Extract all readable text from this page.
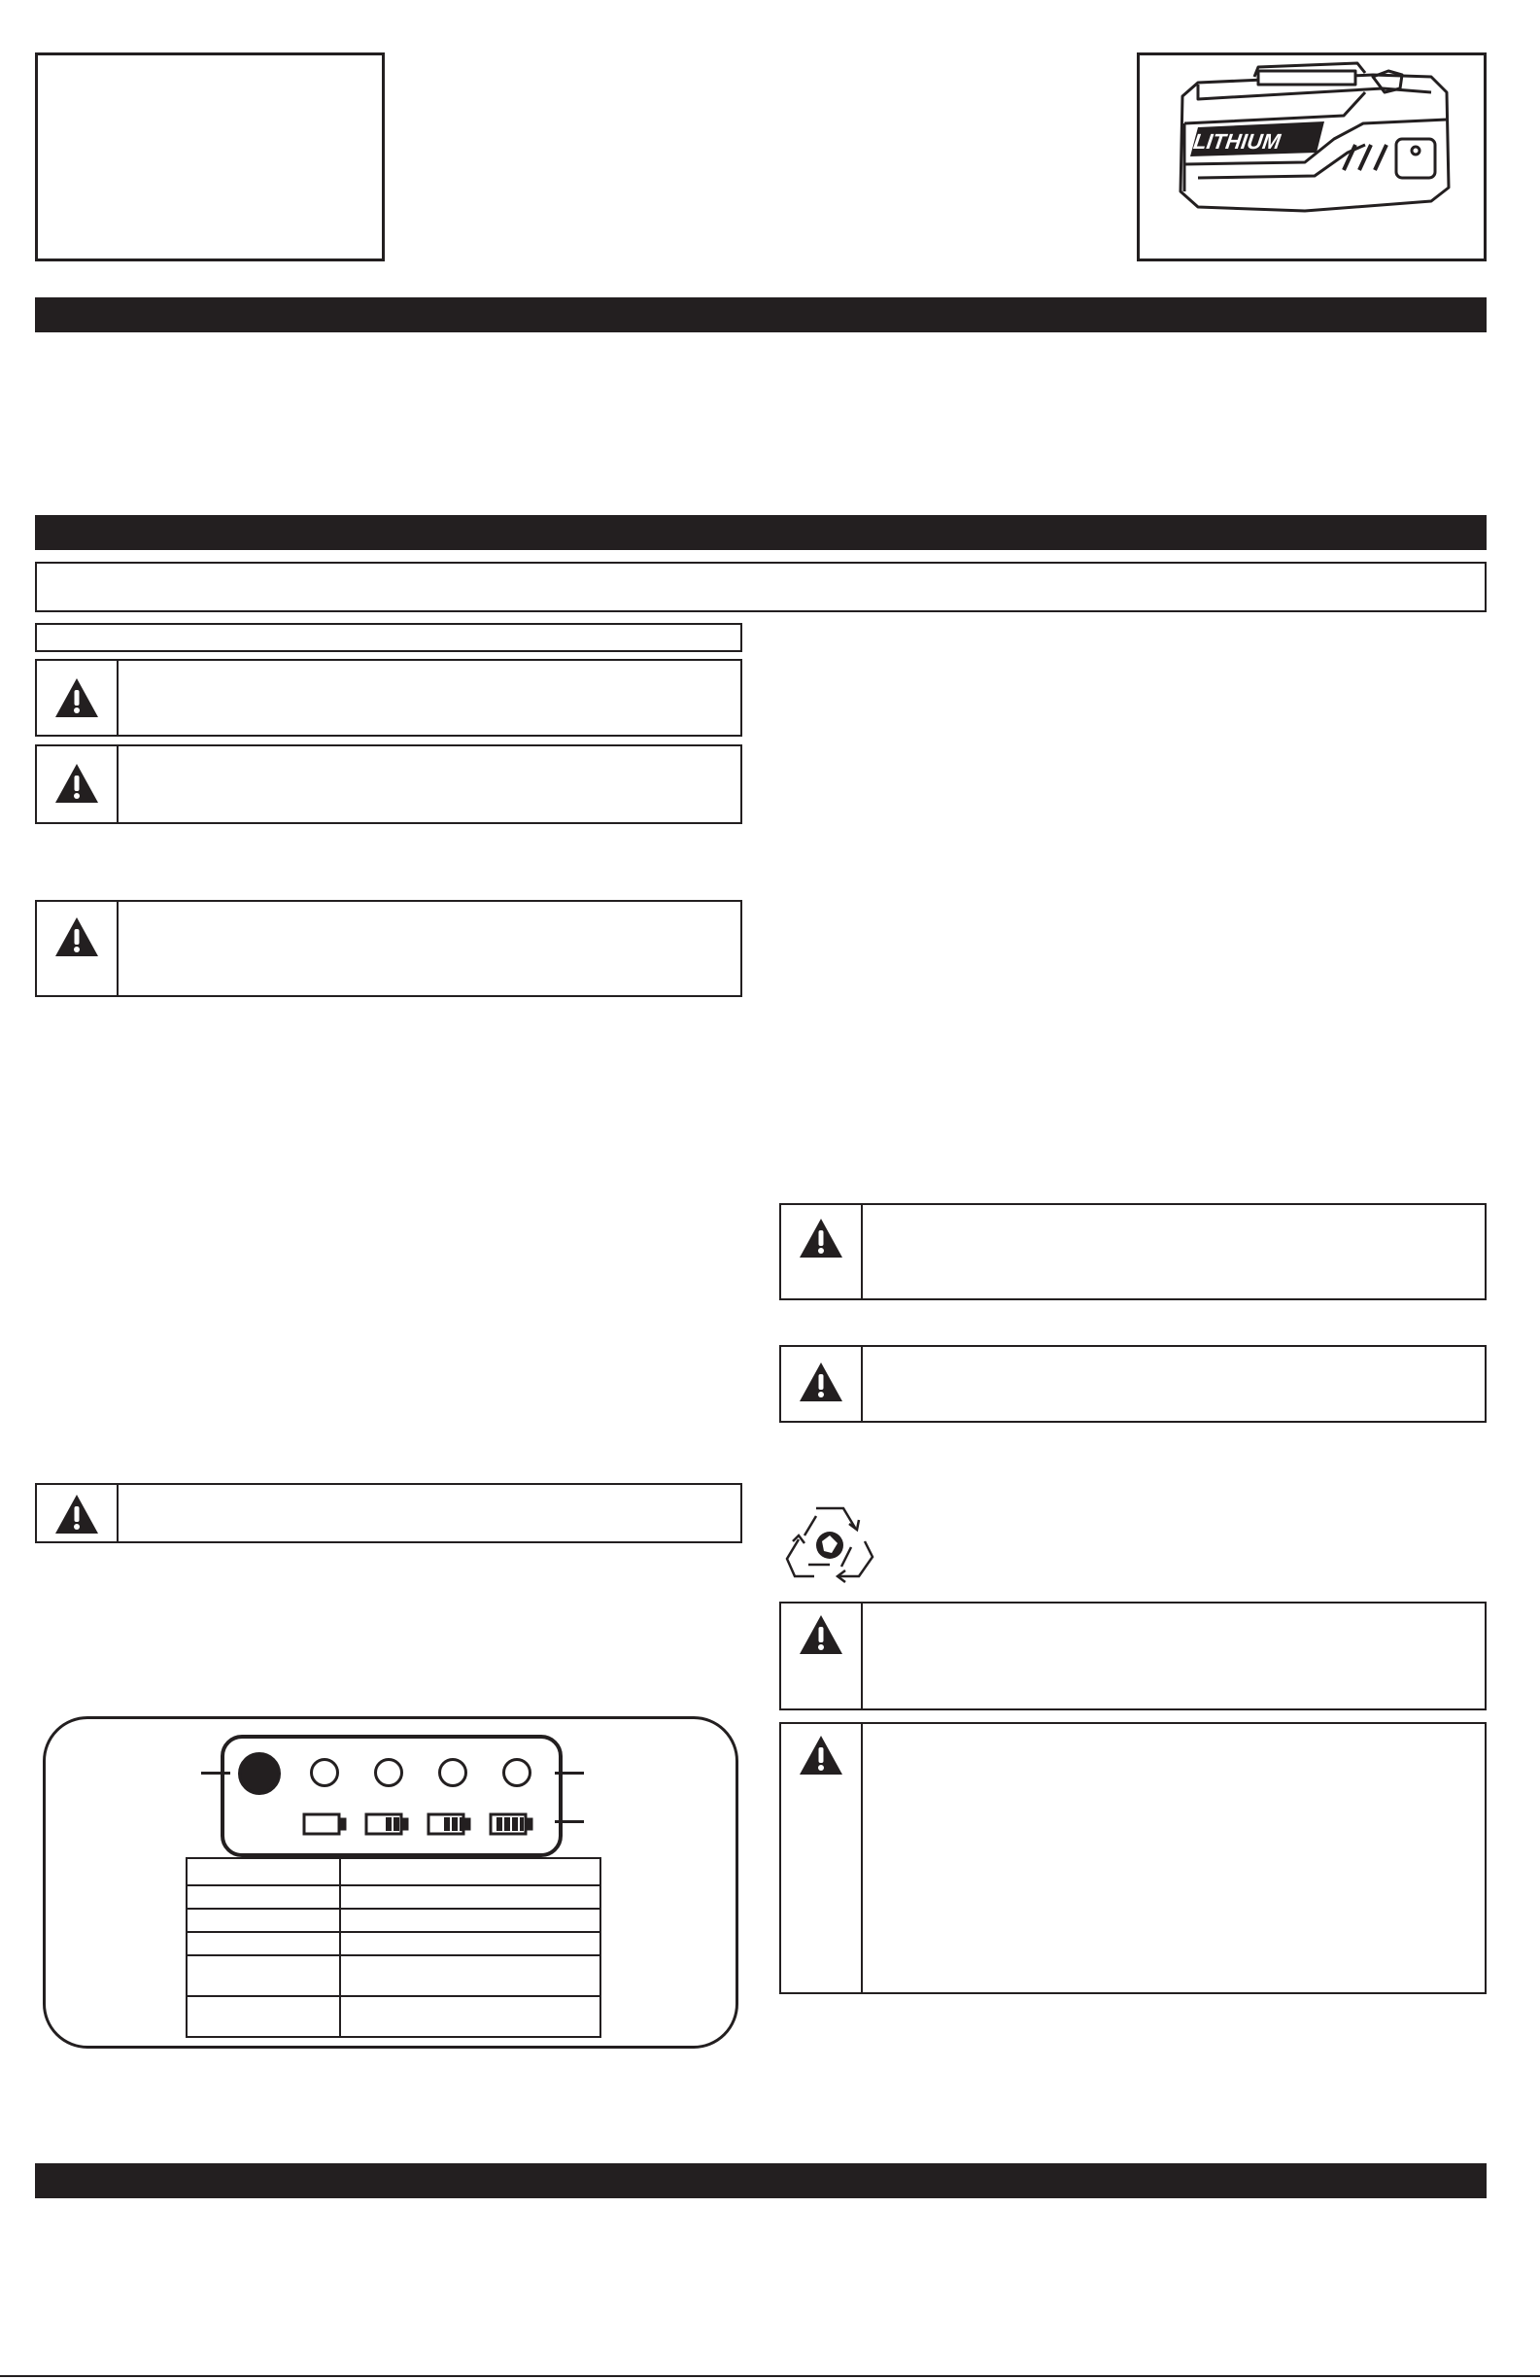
LITHIUM
